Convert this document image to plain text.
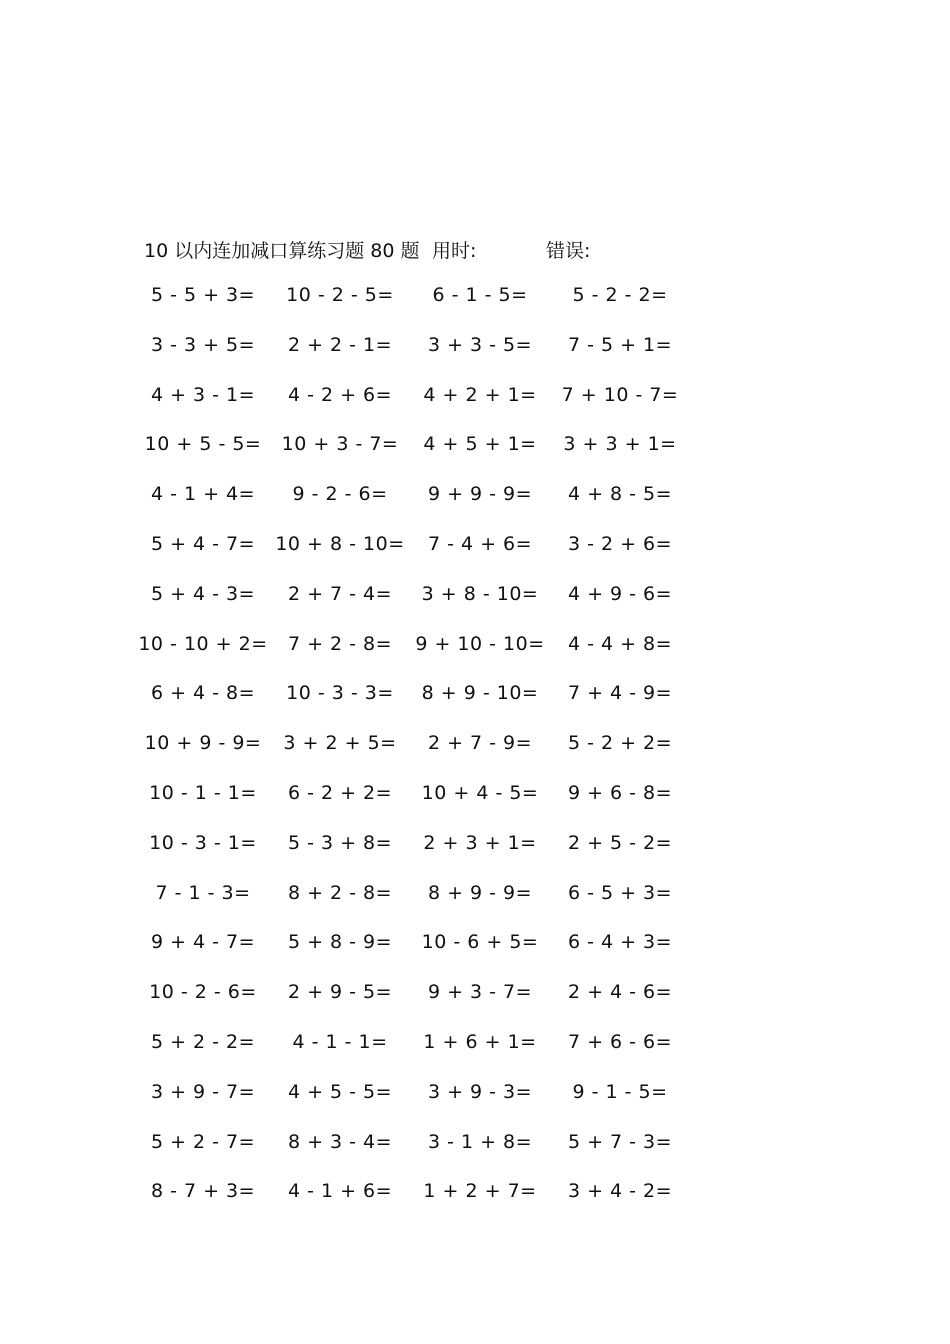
10 以内连加减口算练习题 80 题 用时:	错误:
5 - 5 + 3= 10 - 2 - 5= 6 - 1 - 5= 5 - 2 - 2=
3 - 3 + 5= 2 + 2 - 1= 3 + 3 - 5= 7 - 5 + 1=
4 + 3 - 1= 4 - 2 + 6= 4 + 2 + 1= 7 + 10 - 7=
10 + 5 - 5= 10 + 3 - 7= 4 + 5 + 1= 3 + 3 + 1=
4 - 1 + 4= 9 - 2 - 6= 9 + 9 - 9= 4 + 8 - 5=
5 + 4 - 7= 10 + 8 - 10= 7 - 4 + 6= 3 - 2 + 6=
5 + 4 - 3= 2 + 7 - 4= 3 + 8 - 10= 4 + 9 - 6=
10 - 10 + 2= 7 + 2 - 8= 9 + 10 - 10= 4 - 4 + 8=
6 + 4 - 8= 10 - 3 - 3= 8 + 9 - 10= 7 + 4 - 9=
10 + 9 - 9= 3 + 2 + 5= 2 + 7 - 9= 5 - 2 + 2=
10 - 1 - 1= 6 - 2 + 2= 10 + 4 - 5= 9 + 6 - 8=
10 - 3 - 1= 5 - 3 + 8= 2 + 3 + 1= 2 + 5 - 2=
7 - 1 - 3= 8 + 2 - 8= 8 + 9 - 9= 6 - 5 + 3=
9 + 4 - 7= 5 + 8 - 9= 10 - 6 + 5= 6 - 4 + 3=
10 - 2 - 6= 2 + 9 - 5= 9 + 3 - 7= 2 + 4 - 6=
5 + 2 - 2= 4 - 1 - 1= 1 + 6 + 1= 7 + 6 - 6=
3 + 9 - 7= 4 + 5 - 5= 3 + 9 - 3= 9 - 1 - 5=
5 + 2 - 7= 8 + 3 - 4= 3 - 1 + 8= 5 + 7 - 3=
8 - 7 + 3= 4 - 1 + 6= 1 + 2 + 7= 3 + 4 - 2=
